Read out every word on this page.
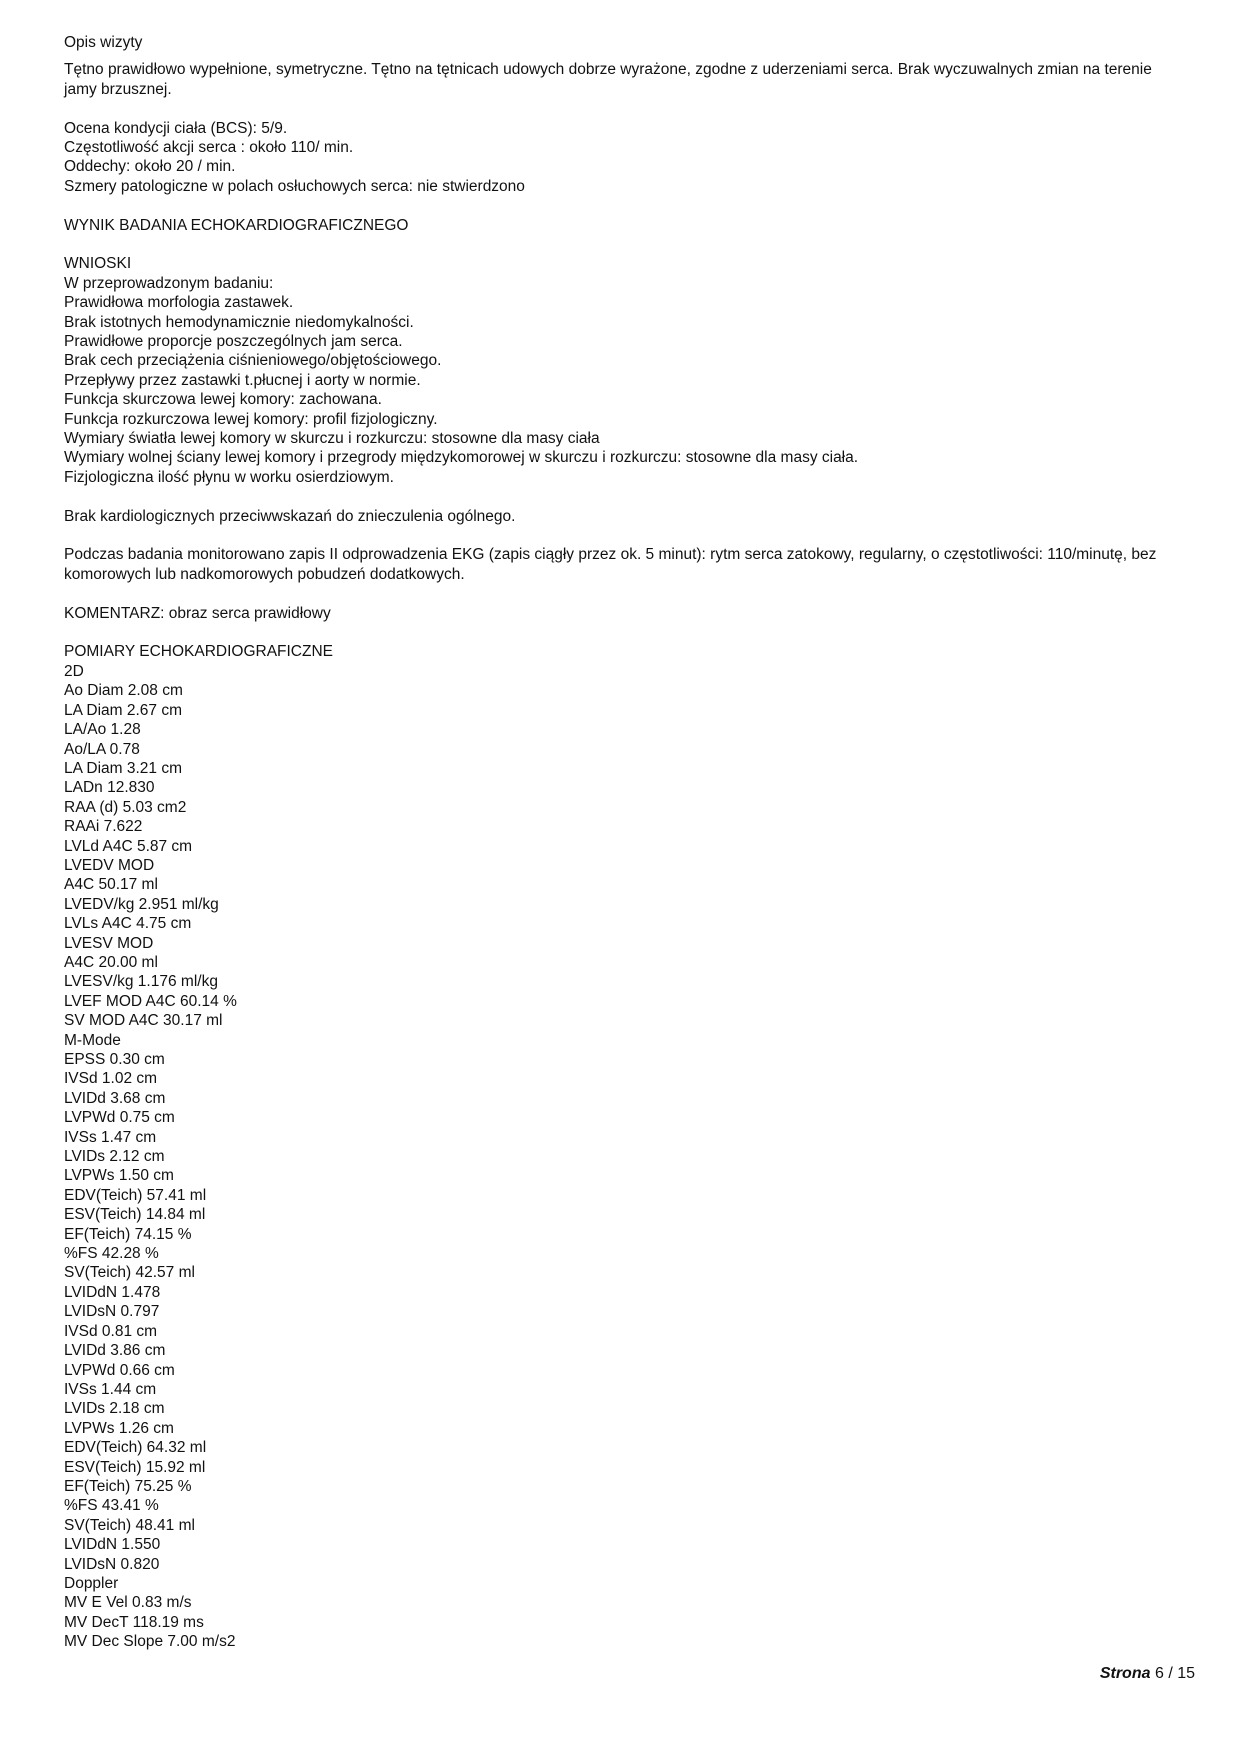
Opis wizyty

Tętno prawidłowo wypełnione, symetryczne. Tętno na tętnicach udowych dobrze wyrażone, zgodne z uderzeniami serca. Brak wyczuwalnych zmian na terenie jamy brzusznej.

Ocena kondycji ciała (BCS): 5/9.

Częstotliwość akcji serca : około 110/ min.

Oddechy: około 20 / min.

Szmery patologiczne w polach osłuchowych serca: nie stwierdzono

WYNIK BADANIA ECHOKARDIOGRAFICZNEGO

WNIOSKI

W przeprowadzonym badaniu:

Prawidłowa morfologia zastawek.

Brak istotnych hemodynamicznie niedomykalności.

Prawidłowe proporcje poszczególnych jam serca.

Brak cech przeciążenia ciśnieniowego/objętościowego.

Przepływy przez zastawki t.płucnej i aorty w normie.

Funkcja skurczowa lewej komory: zachowana.

Funkcja rozkurczowa lewej komory: profil fizjologiczny.

Wymiary światła lewej komory w skurczu i rozkurczu: stosowne dla masy ciała

Wymiary wolnej ściany lewej komory i przegrody międzykomorowej w skurczu i rozkurczu: stosowne dla masy ciała.

Fizjologiczna ilość płynu w worku osierdziowym.

Brak kardiologicznych przeciwwskazań do znieczulenia ogólnego.

Podczas badania monitorowano zapis II odprowadzenia EKG (zapis ciągły przez ok. 5 minut): rytm serca zatokowy, regularny, o częstotliwości: 110/minutę, bez komorowych lub nadkomorowych pobudzeń dodatkowych.

KOMENTARZ: obraz serca prawidłowy

POMIARY ECHOKARDIOGRAFICZNE

2D

Ao Diam 2.08 cm

LA Diam 2.67 cm

LA/Ao 1.28

Ao/LA 0.78

LA Diam 3.21 cm

LADn 12.830

RAA (d) 5.03 cm2

RAAi 7.622

LVLd A4C 5.87 cm

LVEDV MOD

A4C 50.17 ml

LVEDV/kg 2.951 ml/kg

LVLs A4C 4.75 cm

LVESV MOD

A4C 20.00 ml

LVESV/kg 1.176 ml/kg

LVEF MOD A4C 60.14 %

SV MOD A4C 30.17 ml

M-Mode

EPSS 0.30 cm

IVSd 1.02 cm

LVIDd 3.68 cm

LVPWd 0.75 cm

IVSs 1.47 cm

LVIDs 2.12 cm

LVPWs 1.50 cm

EDV(Teich) 57.41 ml

ESV(Teich) 14.84 ml

EF(Teich) 74.15 %

%FS 42.28 %

SV(Teich) 42.57 ml

LVIDdN 1.478

LVIDsN 0.797

IVSd 0.81 cm

LVIDd 3.86 cm

LVPWd 0.66 cm

IVSs 1.44 cm

LVIDs 2.18 cm

LVPWs 1.26 cm

EDV(Teich) 64.32 ml

ESV(Teich) 15.92 ml

EF(Teich) 75.25 %

%FS 43.41 %

SV(Teich) 48.41 ml

LVIDdN 1.550

LVIDsN 0.820

Doppler

MV E Vel 0.83 m/s

MV DecT 118.19 ms

MV Dec Slope 7.00 m/s2

Strona 6 / 15
